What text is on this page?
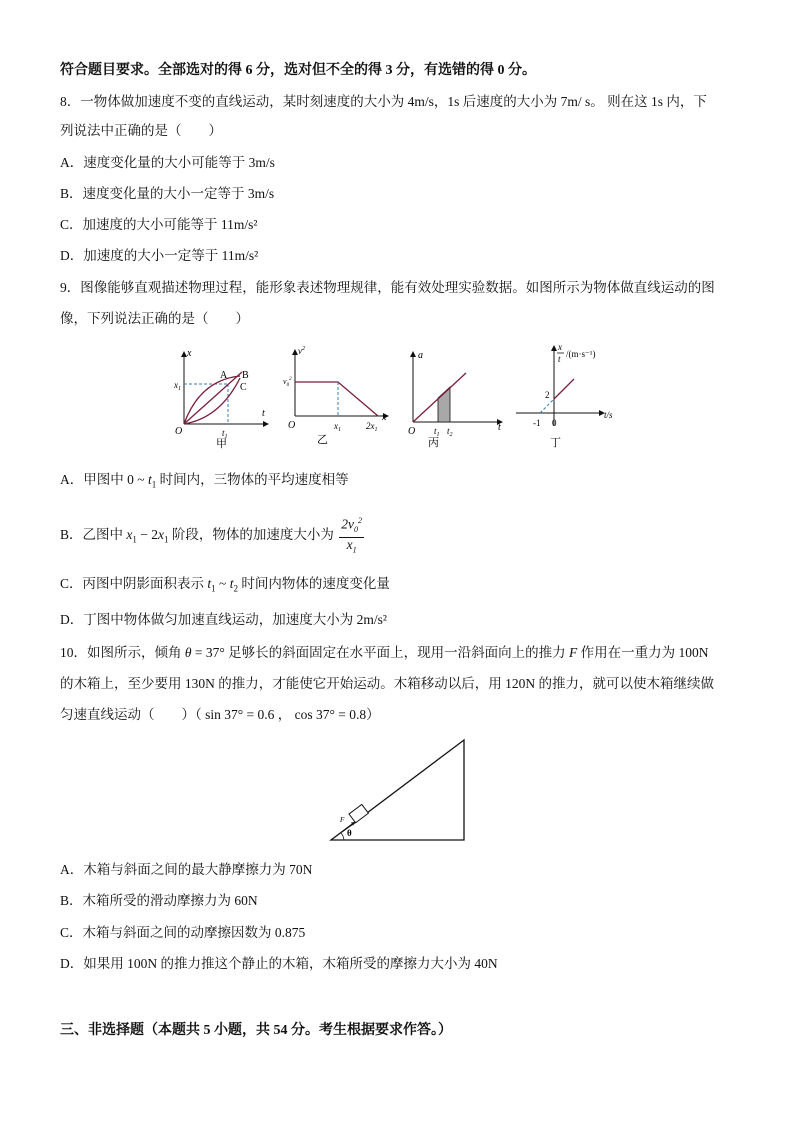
符合题目要求。全部选对的得 6 分，选对但不全的得 3 分，有选错的得 0 分。
8．一物体做加速度不变的直线运动，某时刻速度的大小为 4m/s，1s 后速度的大小为 7m/ s。 则在这 1s 内，下
列说法中正确的是（　　）
A．速度变化量的大小可能等于 3m/s
B．速度变化量的大小一定等于 3m/s
C．加速度的大小可能等于 11m/s²
D．加速度的大小一定等于 11m/s²
9．图像能够直观描述物理过程，能形象表述物理规律，能有效处理实验数据。如图所示为物体做直线运动的图
像，下列说法正确的是（　　）
x
t
O
A B
C
$x_1$
$t_1$
甲
$v^2$
x
O
$v_0^2$
$x_1$	$2x_1$
乙
a
t
O $t_1$ $t_2$
丙
x
t /(m·s⁻¹)
t/s
2
-1 0
丁
A．甲图中 0 ~ $t_1$ 时间内，三物体的平均速度相等
B．乙图中 $x_1 - 2x_1$ 阶段，物体的加速度大小为 $\frac{2v_0^2}{x_1}$
C．丙图中阴影面积表示 $t_1$ ~ $t_2$ 时间内物体的速度变化量
D．丁图中物体做匀加速直线运动，加速度大小为 2m/s²
10．如图所示，倾角 θ = 37° 足够长的斜面固定在水平面上，现用一沿斜面向上的推力 F 作用在一重力为 100N
的木箱上，至少要用 130N 的推力，才能使它开始运动。木箱移动以后，用 120N 的推力，就可以使木箱继续做
匀速直线运动（　　）（ sin 37° = 0.6 ， cos 37° = 0.8）
F
θ
A．木箱与斜面之间的最大静摩擦力为 70N
B．木箱所受的滑动摩擦力为 60N
C．木箱与斜面之间的动摩擦因数为 0.875
D．如果用 100N 的推力推这个静止的木箱，木箱所受的摩擦力大小为 40N
三、非选择题（本题共 5 小题，共 54 分。考生根据要求作答。）
